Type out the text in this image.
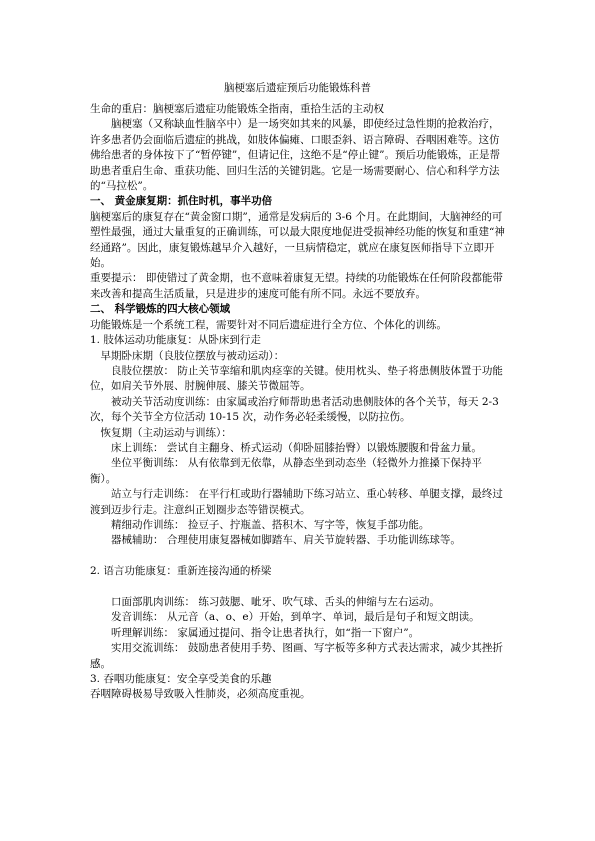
脑梗塞后遗症预后功能锻炼科普

生命的重启：脑梗塞后遗症功能锻炼全指南，重拾生活的主动权

脑梗塞（又称缺血性脑卒中）是一场突如其来的风暴，即使经过急性期的抢救治疗，许多患者仍会面临后遗症的挑战，如肢体偏瘫、口眼歪斜、语言障碍、吞咽困难等。这仿佛给患者的身体按下了“暂停键”，但请记住，这绝不是“停止键”。预后功能锻炼，正是帮助患者重启生命、重获功能、回归生活的关键钥匙。它是一场需要耐心、信心和科学方法的“马拉松”。

一、 黄金康复期：抓住时机，事半功倍

脑梗塞后的康复存在“黄金窗口期”，通常是发病后的 3-6 个月。在此期间，大脑神经的可塑性最强，通过大量重复的正确训练，可以最大限度地促进受损神经功能的恢复和重建“神经通路”。因此，康复锻炼越早介入越好，一旦病情稳定，就应在康复医师指导下立即开始。

重要提示： 即使错过了黄金期，也不意味着康复无望。持续的功能锻炼在任何阶段都能带来改善和提高生活质量，只是进步的速度可能有所不同。永远不要放弃。

二、 科学锻炼的四大核心领域

功能锻炼是一个系统工程，需要针对不同后遗症进行全方位、个体化的训练。

1. 肢体运动功能康复：从卧床到行走

早期卧床期（良肢位摆放与被动运动）：

良肢位摆放： 防止关节挛缩和肌肉痉挛的关键。使用枕头、垫子将患侧肢体置于功能位，如肩关节外展、肘腕伸展、膝关节微屈等。

被动关节活动度训练：由家属或治疗师帮助患者活动患侧肢体的各个关节，每天 2-3 次，每个关节全方位活动 10-15 次，动作务必轻柔缓慢，以防拉伤。

恢复期（主动运动与训练）：

床上训练： 尝试自主翻身、桥式运动（仰卧屈膝抬臀）以锻炼腰腹和骨盆力量。

坐位平衡训练： 从有依靠到无依靠，从静态坐到动态坐（轻微外力推搡下保持平衡）。

站立与行走训练： 在平行杠或助行器辅助下练习站立、重心转移、单腿支撑，最终过渡到迈步行走。注意纠正划圈步态等错误模式。

精细动作训练： 捡豆子、拧瓶盖、搭积木、写字等，恢复手部功能。

器械辅助： 合理使用康复器械如脚踏车、肩关节旋转器、手功能训练球等。

2. 语言功能康复：重新连接沟通的桥梁

口面部肌肉训练： 练习鼓腮、呲牙、吹气球、舌头的伸缩与左右运动。

发音训练： 从元音（a、o、e）开始，到单字、单词，最后是句子和短文朗读。

听理解训练： 家属通过提问、指令让患者执行，如“指一下窗户”。

实用交流训练： 鼓励患者使用手势、图画、写字板等多种方式表达需求，减少其挫折感。

3. 吞咽功能康复：安全享受美食的乐趣

吞咽障碍极易导致吸入性肺炎，必须高度重视。
